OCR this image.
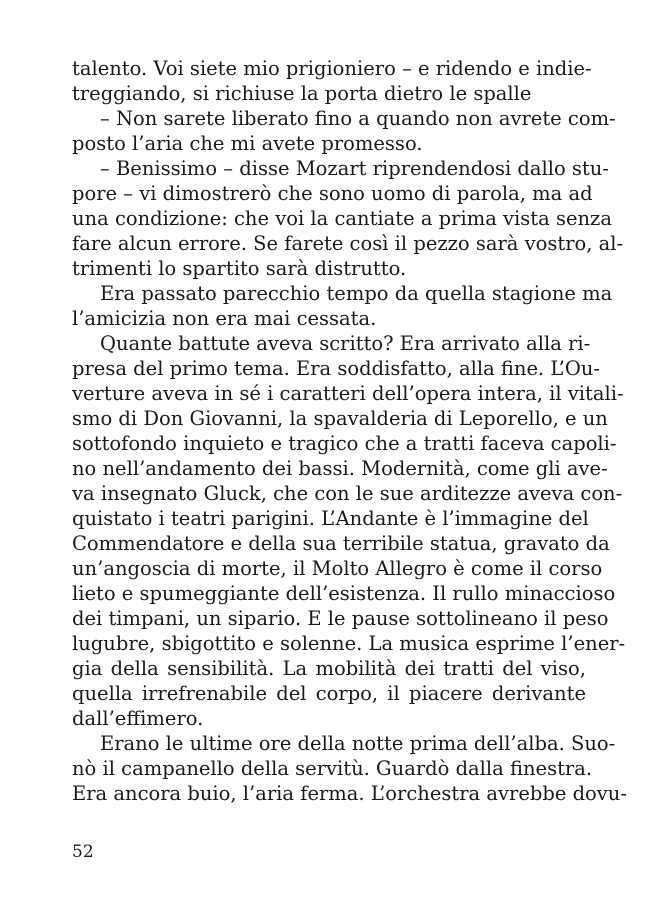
talento. Voi siete mio prigioniero – e ridendo e indie-
treggiando, si richiuse la porta dietro le spalle
– Non sarete liberato fino a quando non avrete com-
posto l’aria che mi avete promesso.
– Benissimo – disse Mozart riprendendosi dallo stu-
pore – vi dimostrerò che sono uomo di parola, ma ad
una condizione: che voi la cantiate a prima vista senza
fare alcun errore. Se farete così il pezzo sarà vostro, al-
trimenti lo spartito sarà distrutto.
Era passato parecchio tempo da quella stagione ma
l’amicizia non era mai cessata.
Quante battute aveva scritto? Era arrivato alla ri-
presa del primo tema. Era soddisfatto, alla fine. L’Ou-
verture aveva in sé i caratteri dell’opera intera, il vitali-
smo di Don Giovanni, la spavalderia di Leporello, e un
sottofondo inquieto e tragico che a tratti faceva capoli-
no nell’andamento dei bassi. Modernità, come gli ave-
va insegnato Gluck, che con le sue arditezze aveva con-
quistato i teatri parigini. L’Andante è l’immagine del
Commendatore e della sua terribile statua, gravato da
un’angoscia di morte, il Molto Allegro è come il corso
lieto e spumeggiante dell’esistenza. Il rullo minaccioso
dei timpani, un sipario. E le pause sottolineano il peso
lugubre, sbigottito e solenne. La musica esprime l’ener-
gia della sensibilità. La mobilità dei tratti del viso,
quella irrefrenabile del corpo, il piacere derivante
dall’effimero.
Erano le ultime ore della notte prima dell’alba. Suo-
nò il campanello della servitù. Guardò dalla finestra.
Era ancora buio, l’aria ferma. L’orchestra avrebbe dovu-
52
